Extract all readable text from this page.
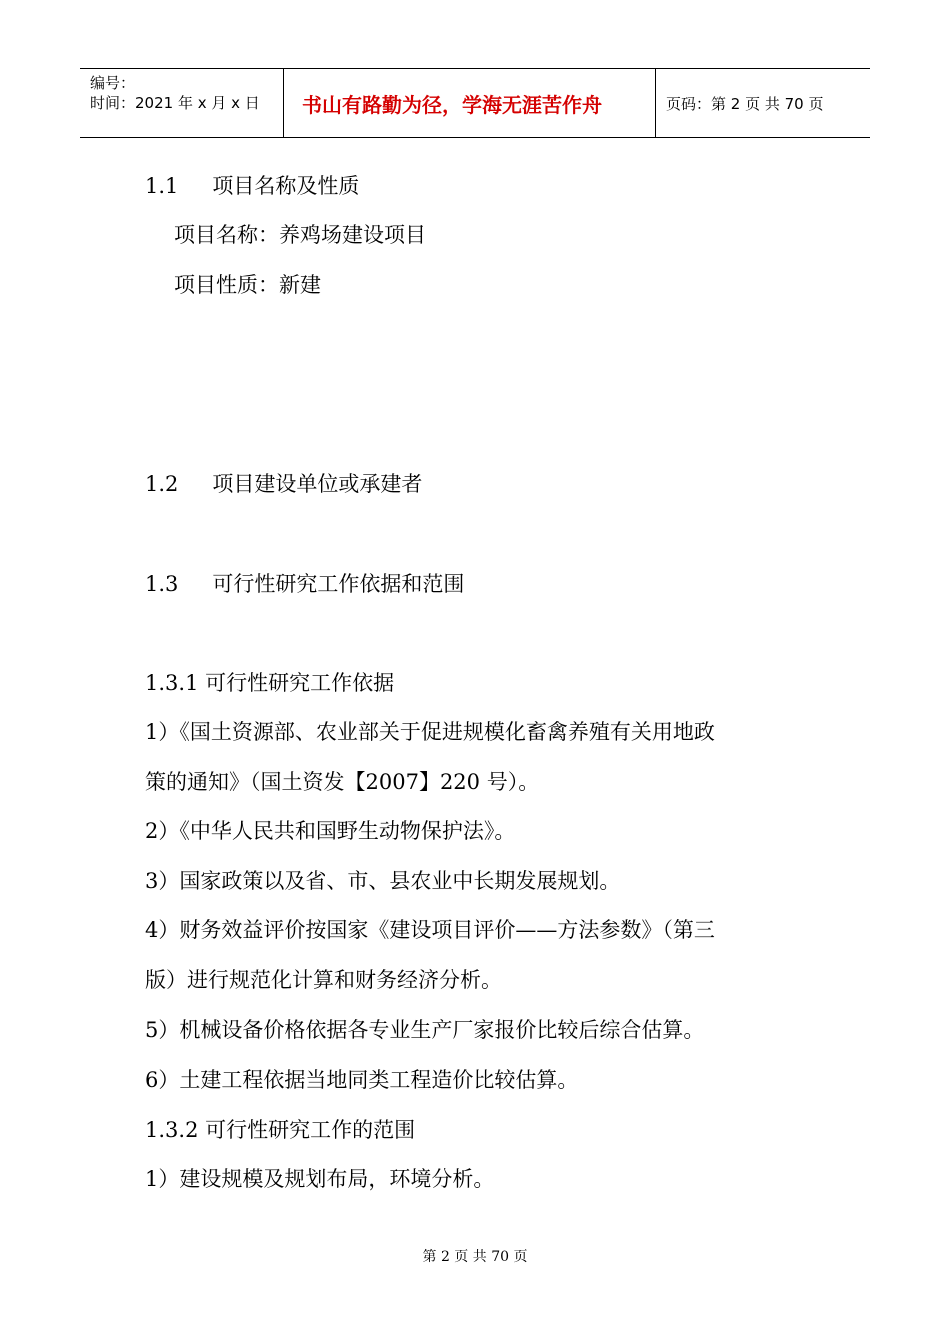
编号：
时间：2021 年 x 月 x 日	书山有路勤为径，学海无涯苦作舟	页码：第 2 页 共 70 页
1.1 项目名称及性质
项目名称：养鸡场建设项目
项目性质：新建
1.2 项目建设单位或承建者
1.3 可行性研究工作依据和范围
1.3.1 可行性研究工作依据
1）《国土资源部、农业部关于促进规模化畜禽养殖有关用地政
策的通知》（国土资发【2007】220 号）。
2）《中华人民共和国野生动物保护法》。
3）国家政策以及省、市、县农业中长期发展规划。
4）财务效益评价按国家《建设项目评价——方法参数》（第三
版）进行规范化计算和财务经济分析。
5）机械设备价格依据各专业生产厂家报价比较后综合估算。
6）土建工程依据当地同类工程造价比较估算。
1.3.2 可行性研究工作的范围
1）建设规模及规划布局，环境分析。
第 2 页 共 70 页
